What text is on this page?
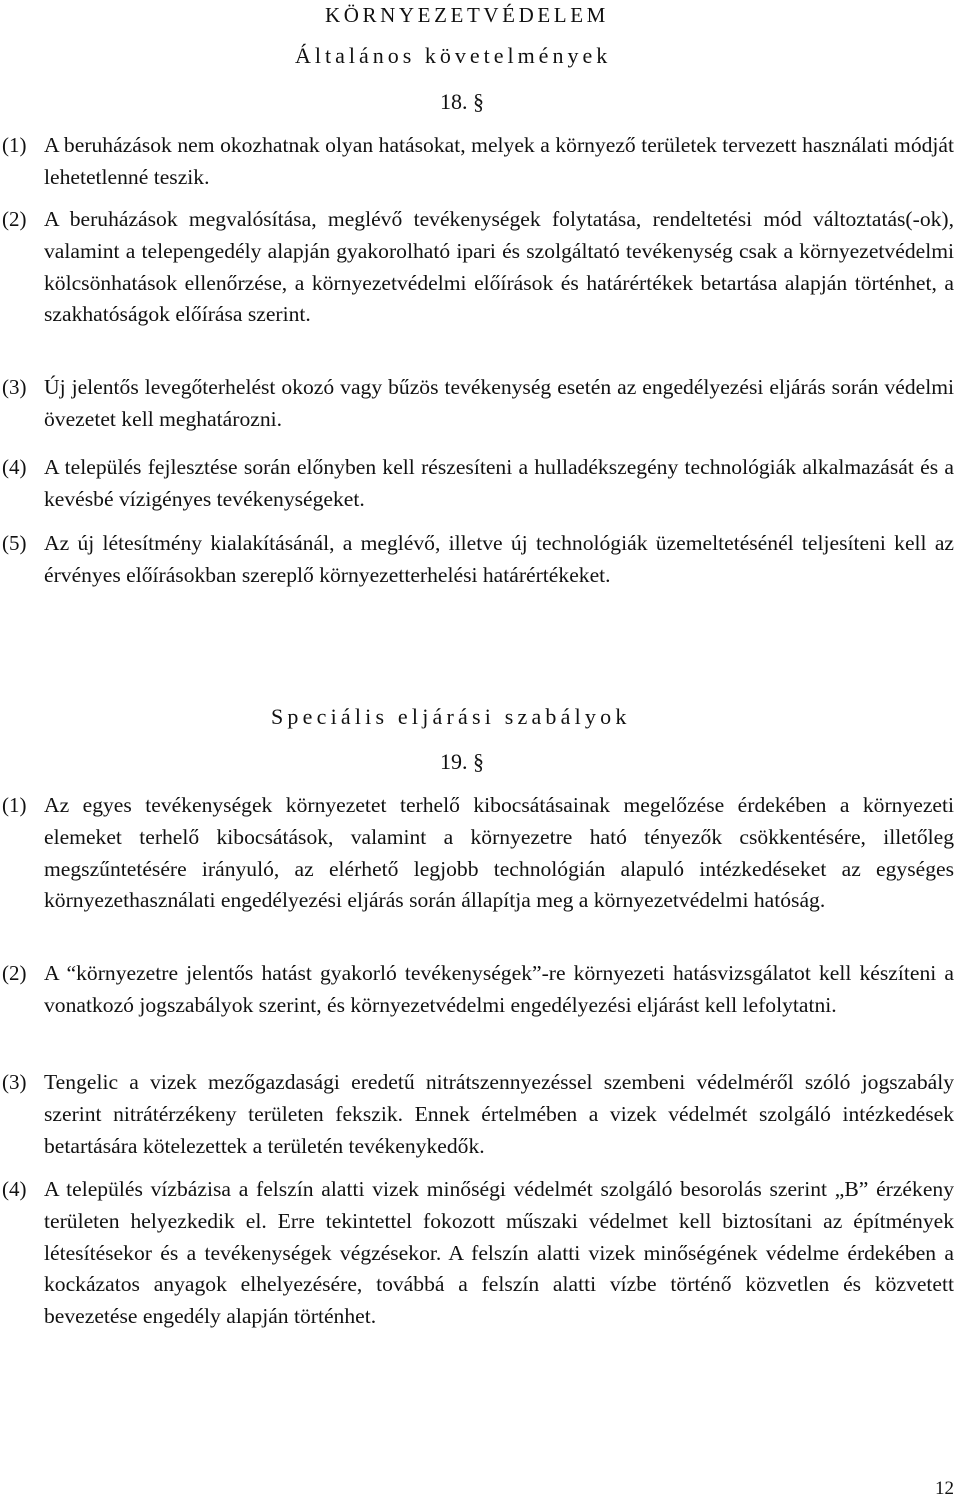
KÖRNYEZETVÉDELEM
Általános követelmények
18. §
(1) A beruházások nem okozhatnak olyan hatásokat, melyek a környező területek tervezett használati módját lehetetlenné teszik.
(2) A beruházások megvalósítása, meglévő tevékenységek folytatása, rendeltetési mód változtatás(-ok), valamint a telepengedély alapján gyakorolható ipari és szolgáltató tevékenység csak a környezetvédelmi kölcsönhatások ellenőrzése, a környezetvédelmi előírások és határértékek betartása alapján történhet, a szakhatóságok előírása szerint.
(3) Új jelentős levegőterhelést okozó vagy bűzös tevékenység esetén az engedélyezési eljárás során védelmi övezetet kell meghatározni.
(4) A település fejlesztése során előnyben kell részesíteni a hulladékszegény technológiák alkalmazását és a kevésbé vízigényes tevékenységeket.
(5) Az új létesítmény kialakításánál, a meglévő, illetve új technológiák üzemeltetésénél teljesíteni kell az érvényes előírásokban szereplő környezetterhelési határértékeket.
Speciális eljárási szabályok
19. §
(1) Az egyes tevékenységek környezetet terhelő kibocsátásainak megelőzése érdekében a környezeti elemeket terhelő kibocsátások, valamint a környezetre ható tényezők csökkentésére, illetőleg megszűntetésére irányuló, az elérhető legjobb technológián alapuló intézkedéseket az egységes környezethasználati engedélyezési eljárás során állapítja meg a környezetvédelmi hatóság.
(2) A “környezetre jelentős hatást gyakorló tevékenységek”-re környezeti hatásvizsgálatot kell készíteni a vonatkozó jogszabályok szerint, és környezetvédelmi engedélyezési eljárást kell lefolytatni.
(3) Tengelic a vizek mezőgazdasági eredetű nitrátszennyezéssel szembeni védelméről szóló jogszabály szerint nitrátérzékeny területen fekszik. Ennek értelmében a vizek védelmét szolgáló intézkedések betartására kötelezettek a területén tevékenykedők.
(4) A település vízbázisa a felszín alatti vizek minőségi védelmét szolgáló besorolás szerint „B” érzékeny területen helyezkedik el. Erre tekintettel fokozott műszaki védelmet kell biztosítani az építmények létesítésekor és a tevékenységek végzésekor. A felszín alatti vizek minőségének védelme érdekében a kockázatos anyagok elhelyezésére, továbbá a felszín alatti vízbe történő közvetlen és közvetett bevezetése engedély alapján történhet.
12
